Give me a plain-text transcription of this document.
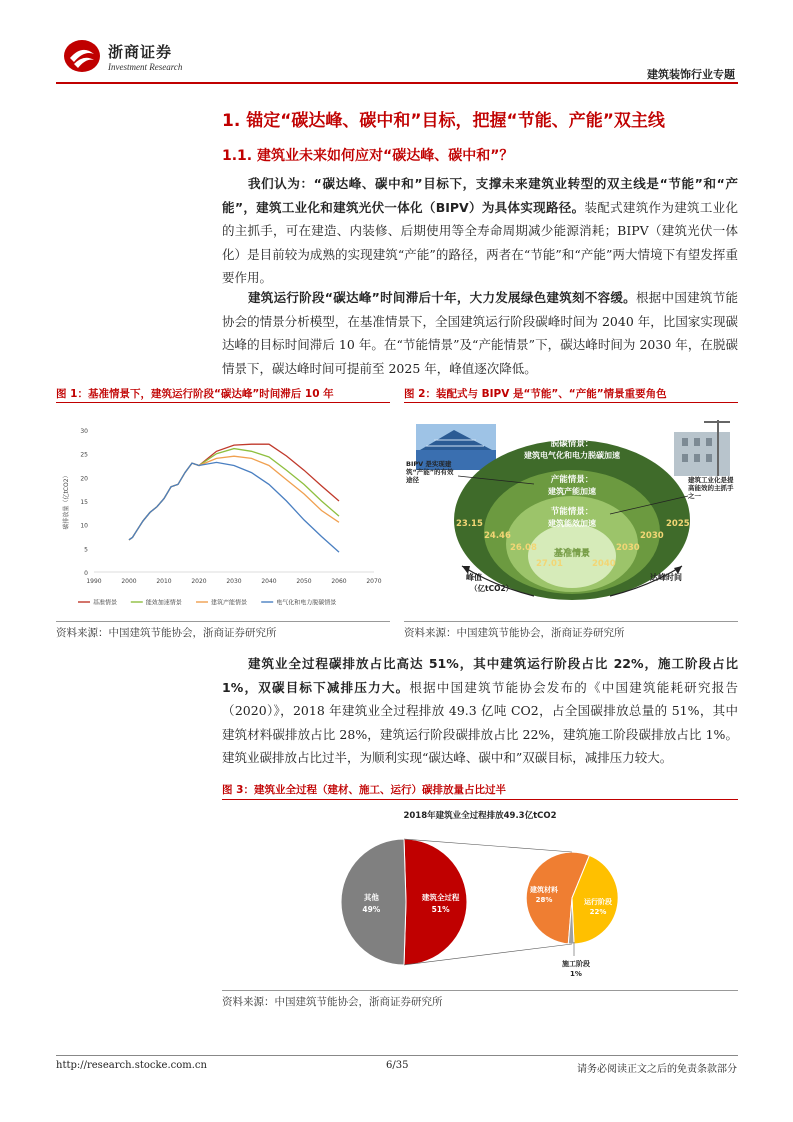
浙商证券
Investment Research
建筑装饰行业专题
1. 锚定“碳达峰、碳中和”目标，把握“节能、产能”双主线
1.1. 建筑业未来如何应对“碳达峰、碳中和”？
我们认为：“碳达峰、碳中和”目标下，支撑未来建筑业转型的双主线是“节能”和“产能”，建筑工业化和建筑光伏一体化（BIPV）为具体实现路径。装配式建筑作为建筑工业化的主抓手，可在建造、内装修、后期使用等全寿命周期减少能源消耗；BIPV（建筑光伏一体化）是目前较为成熟的实现建筑“产能”的路径，两者在“节能”和“产能”两大情境下有望发挥重要作用。
建筑运行阶段“碳达峰”时间滞后十年，大力发展绿色建筑刻不容缓。根据中国建筑节能协会的情景分析模型，在基准情景下，全国建筑运行阶段碳峰时间为 2040 年，比国家实现碳达峰的目标时间滞后 10 年。在“节能情景”及“产能情景”下，碳达峰时间为 2030 年，在脱碳情景下，碳达峰时间可提前至 2025 年，峰值逐次降低。
图 1：基准情景下，建筑运行阶段“碳达峰”时间滞后 10 年
0
5
10
15
20
25
30
1990	2000	2010	2020	2030	2040	2050	2060	2070
碳排放量（亿tCO2）
基准情景	能效加速情景	建筑产能情景	电气化和电力脱碳情景
资料来源：中国建筑节能协会，浙商证券研究所
图 2：装配式与 BIPV 是“节能”、“产能”情景重要角色
脱碳情景：
建筑电气化和电力脱碳加速
产能情景：
建筑产能加速
节能情景：
建筑能效加速
基准情景
23.15
24.46
26.08
27.01
2025
2030
2030
2040
BIPV 是实现建筑“产能”的有效途径	建筑工业化是提高能效的主抓手之一
峰值
（亿tCO2）
达峰时间
资料来源：中国建筑节能协会，浙商证券研究所
建筑业全过程碳排放占比高达 51%，其中建筑运行阶段占比 22%，施工阶段占比 1%，双碳目标下减排压力大。根据中国建筑节能协会发布的《中国建筑能耗研究报告（2020）》，2018 年建筑业全过程排放 49.3 亿吨 CO2，占全国碳排放总量的 51%，其中建筑材料碳排放占比 28%，建筑运行阶段碳排放占比 22%，建筑施工阶段碳排放占比 1%。建筑业碳排放占比过半，为顺利实现“碳达峰、碳中和”双碳目标，减排压力较大。
图 3：建筑业全过程（建材、施工、运行）碳排放量占比过半
2018年建筑业全过程排放49.3亿tCO2
建筑全过程
51%
其他
49%
建筑材料
28%	运行阶段
22%
施工阶段
1%
资料来源：中国建筑节能协会，浙商证券研究所
http://research.stocke.com.cn	6/35	请务必阅读正文之后的免责条款部分
